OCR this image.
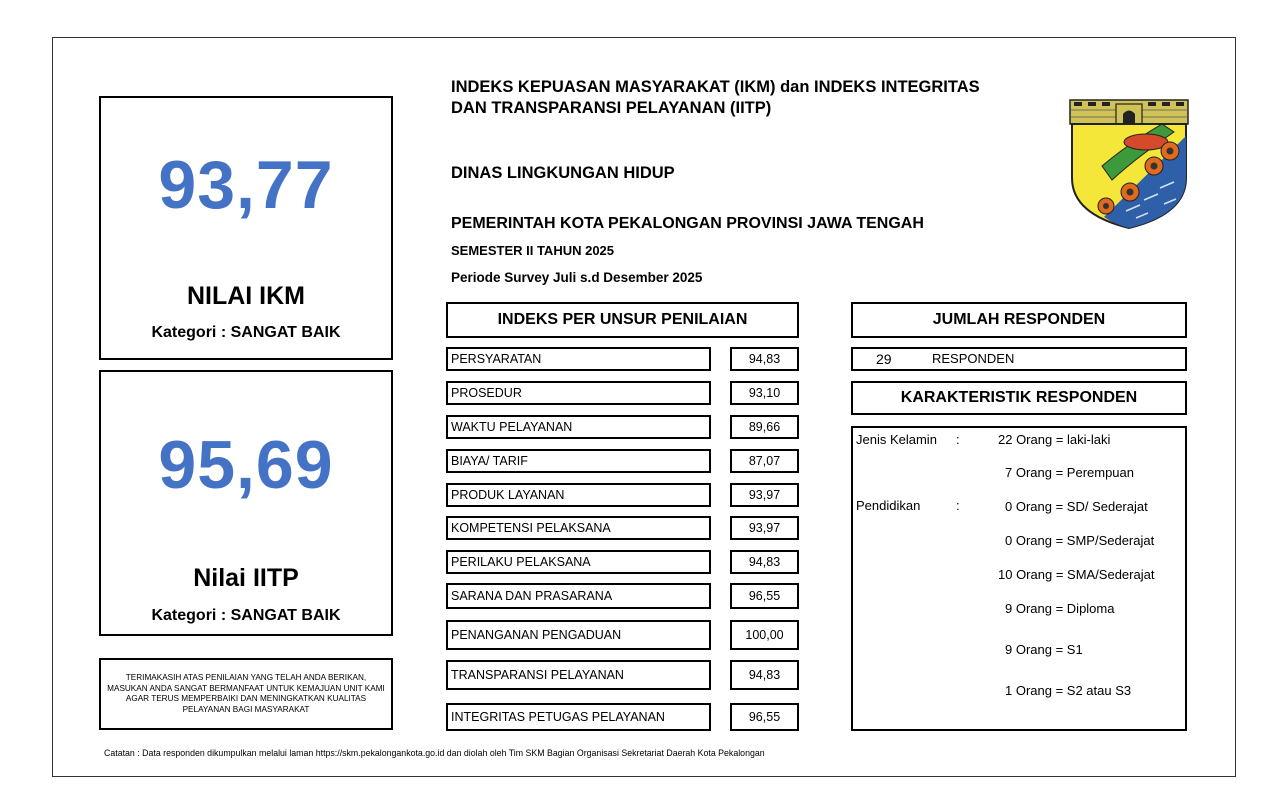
93,77
NILAI IKM
Kategori : SANGAT BAIK
95,69
Nilai IITP
Kategori : SANGAT BAIK
TERIMAKASIH ATAS PENILAIAN YANG TELAH ANDA BERIKAN, MASUKAN ANDA SANGAT BERMANFAAT UNTUK KEMAJUAN UNIT KAMI AGAR TERUS MEMPERBAIKI DAN MENINGKATKAN KUALITAS PELAYANAN BAGI MASYARAKAT
INDEKS KEPUASAN MASYARAKAT (IKM) dan INDEKS INTEGRITAS DAN TRANSPARANSI PELAYANAN (IITP)
DINAS LINGKUNGAN HIDUP
PEMERINTAH KOTA PEKALONGAN PROVINSI JAWA TENGAH
SEMESTER II TAHUN 2025
Periode Survey Juli s.d Desember 2025
INDEKS PER UNSUR PENILAIAN
PERSYARATAN	94,83
PROSEDUR	93,10
WAKTU PELAYANAN	89,66
BIAYA/ TARIF	87,07
PRODUK LAYANAN	93,97
KOMPETENSI PELAKSANA	93,97
PERILAKU PELAKSANA	94,83
SARANA DAN PRASARANA	96,55
PENANGANAN PENGADUAN	100,00
TRANSPARANSI PELAYANAN	94,83
INTEGRITAS PETUGAS PELAYANAN	96,55
JUMLAH RESPONDEN
29	RESPONDEN
KARAKTERISTIK RESPONDEN
Jenis Kelamin :	22 Orang = laki-laki
7 Orang = Perempuan
Pendidikan	:	0 Orang = SD/ Sederajat
0 Orang = SMP/Sederajat
10 Orang = SMA/Sederajat
9 Orang = Diploma
9 Orang = S1
1 Orang = S2 atau S3
Catatan : Data responden dikumpulkan melalui laman https://skm.pekalongankota.go.id dan diolah oleh Tim SKM Bagian Organisasi Sekretariat Daerah Kota Pekalongan
